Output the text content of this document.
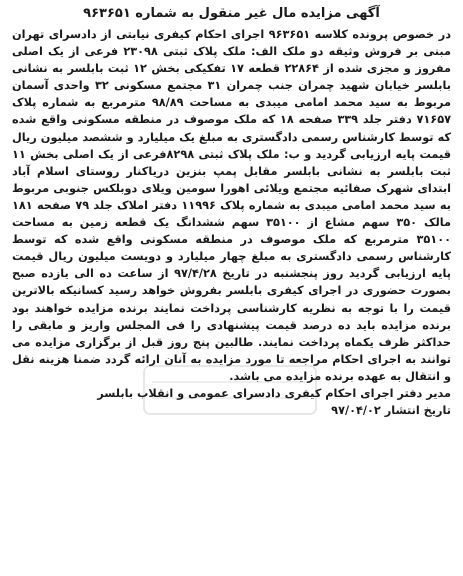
آگهی مزایده مال غیر منقول به شماره ۹۶۳۶۵۱

در خصوص پرونده کلاسه ۹۶۳۶۵۱ اجرای احکام کیفری نیابتی از دادسرای تهران مبنی بر فروش وثیقه دو ملک الف: ملک پلاک ثبتی ۲۳۰۹۸ فرعی از یک اصلی مفروز و مجزی شده از ۲۲۸۶۴ قطعه ۱۷ تفکیکی بخش ۱۲ ثبت بابلسر به نشانی بابلسر خیابان شهید چمران جنب چمران ۳۱ مجتمع مسکونی ۳۲ واحدی آسمان مربوط به سید محمد امامی میبدی به مساحت ۹۸/۸۹ مترمربع به شماره پلاک ۷۱۶۵۷ دفتر جلد ۳۳۹ صفحه ۱۸ که ملک موصوف در منطقه مسکونی واقع شده که توسط کارشناس رسمی دادگستری به مبلغ یک میلیارد و ششصد میلیون ریال قیمت پایه ارزیابی گردید و ب: ملک پلاک ثبتی ۸۲۹۸فرعی از یک اصلی بخش ۱۱ ثبت بابلسر به نشانی بابلسر مقابل پمپ بنزین دریاکنار روستای اسلام آباد ابتدای شهرک صفائیه مجتمع ویلائی اهورا سومین ویلای دوبلکس جنوبی مربوط به سید محمد امامی میبدی به شماره پلاک ۱۱۹۹۶ دفتر املاک جلد ۷۹ صفحه ۱۸۱ مالک ۳۵۰ سهم مشاع از ۳۵۱۰۰ سهم ششدانگ یک قطعه زمین به مساحت ۳۵۱۰۰ مترمربع که ملک موصوف در منطقه مسکونی واقع شده که توسط کارشناس رسمی دادگستری به مبلغ چهار میلیارد و دویست میلیون ریال قیمت پایه ارزیابی گردید روز پنجشنبه در تاریخ ۹۷/۴/۲۸ از ساعت ده الی یازده صبح بصورت حضوری در اجرای کیفری بابلسر بفروش خواهد رسید کسانیکه بالاترین قیمت را با توجه به نظریه کارشناسی پرداخت نمایند برنده مزایده خواهند بود برنده مزایده باید ده درصد قیمت پیشنهادی را فی المجلس واریز و مابقی را حداکثر ظرف یکماه پرداخت نمایند. طالبین پنج روز قبل از برگزاری مزایده می توانند به اجرای احکام مراجعه تا مورد مزایده به آنان ارائه گردد ضمنا هزینه نقل و انتقال به عهده برنده مزایده می باشد.

مدیر دفتر اجرای احکام کیفری دادسرای عمومی و انقلاب بابلسر
تاریخ انتشار ۹۷/۰۴/۰۲
